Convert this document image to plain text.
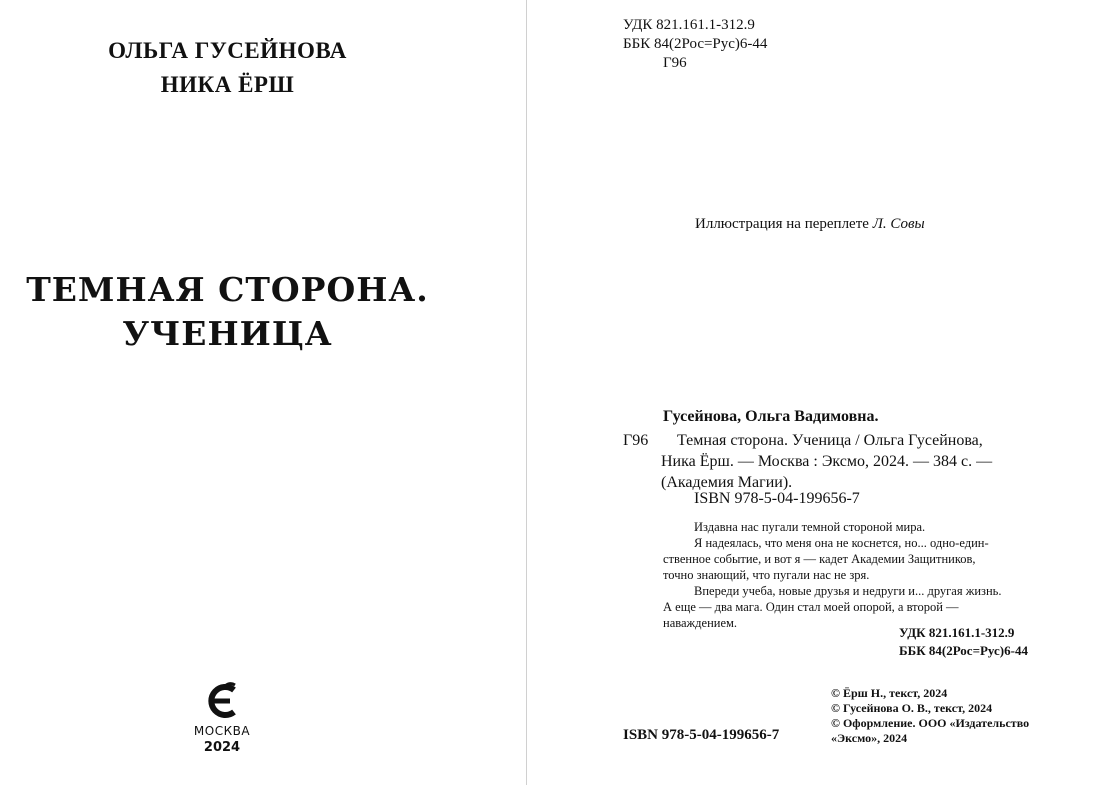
ОЛЬГА ГУСЕЙНОВА
НИКА ЁРШ
ТЕМНАЯ СТОРОНА.
УЧЕНИЦА
МОСКВА
2024
УДК 821.161.1-312.9
ББК 84(2Рос=Рус)6-44
Г96
Иллюстрация на переплете Л. Совы
Гусейнова, Ольга Вадимовна.
Г96	Темная сторона. Ученица / Ольга Гусейнова,
Ника Ёрш. — Москва : Эксмо, 2024. — 384 с. —
(Академия Магии).
ISBN 978-5-04-199656-7
Издавна нас пугали темной стороной мира.
Я надеялась, что меня она не коснется, но... одно-един-
ственное событие, и вот я — кадет Академии Защитников,
точно знающий, что пугали нас не зря.
Впереди учеба, новые друзья и недруги и... другая жизнь.
А еще — два мага. Один стал моей опорой, а второй —
наваждением.
УДК 821.161.1-312.9
ББК 84(2Рос=Рус)6-44
© Ёрш Н., текст, 2024
© Гусейнова О. В., текст, 2024
© Оформление. ООО «Издательство
«Эксмо», 2024
ISBN 978-5-04-199656-7
